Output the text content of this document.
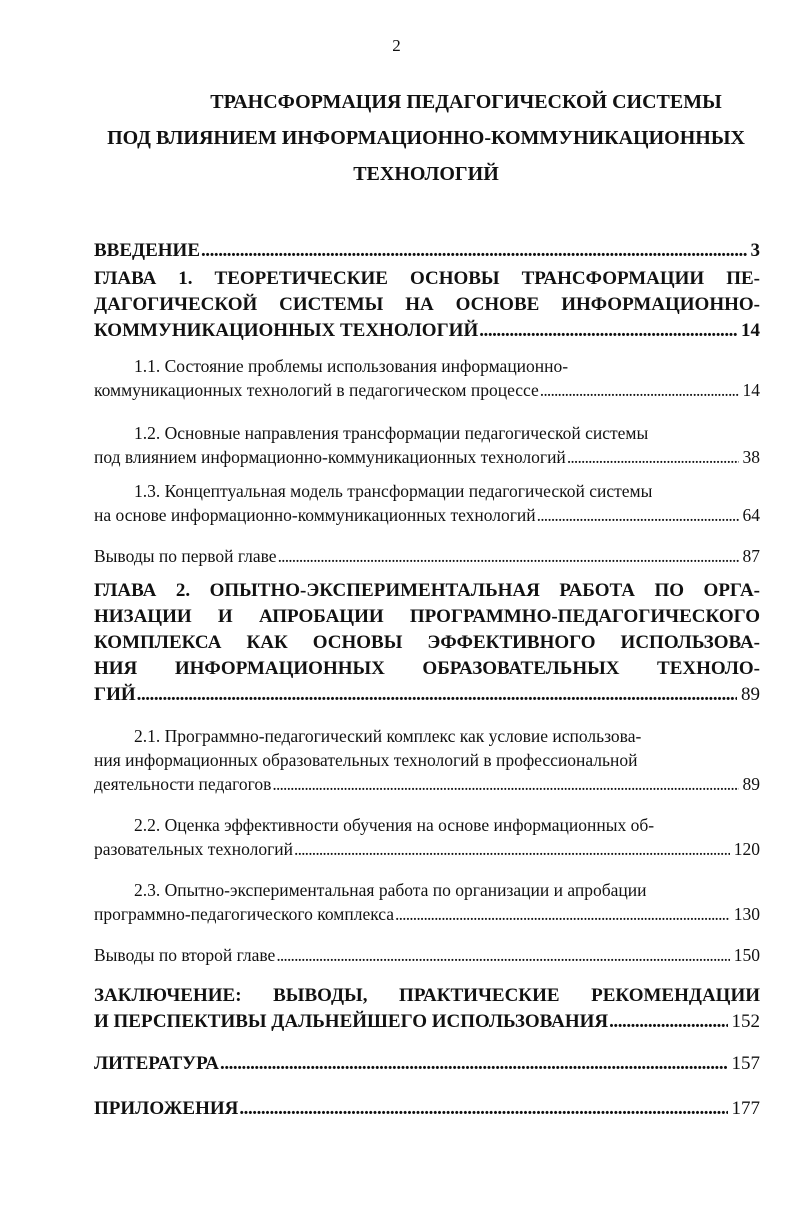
2
ТРАНСФОРМАЦИЯ ПЕДАГОГИЧЕСКОЙ СИСТЕМЫ
ПОД ВЛИЯНИЕМ ИНФОРМАЦИОННО-КОММУНИКАЦИОННЫХ
ТЕХНОЛОГИЙ
ВВЕДЕНИЕ . . .	3
ГЛАВА 1. ТЕОРЕТИЧЕСКИЕ ОСНОВЫ ТРАНСФОРМАЦИИ ПЕ-
ДАГОГИЧЕСКОЙ СИСТЕМЫ НА ОСНОВЕ ИНФОРМАЦИОННО-
КОММУНИКАЦИОННЫХ ТЕХНОЛОГИЙ . . .	14
1.1. Состояние проблемы использования информационно-
коммуникационных технологий в педагогическом процессе . . .	14
1.2. Основные направления трансформации педагогической системы
под влиянием информационно-коммуникационных технологий . . .	38
1.3. Концептуальная модель трансформации педагогической системы
на основе информационно-коммуникационных технологий . . .	64
Выводы по первой главе . . .	87
ГЛАВА 2. ОПЫТНО-ЭКСПЕРИМЕНТАЛЬНАЯ РАБОТА ПО ОРГА-
НИЗАЦИИ И АПРОБАЦИИ ПРОГРАММНО-ПЕДАГОГИЧЕСКОГО
КОМПЛЕКСА КАК ОСНОВЫ ЭФФЕКТИВНОГО ИСПОЛЬЗОВА-
НИЯ ИНФОРМАЦИОННЫХ ОБРАЗОВАТЕЛЬНЫХ ТЕХНОЛО-
ГИЙ . . .	89
2.1. Программно-педагогический комплекс как условие использова-
ния информационных образовательных технологий в профессиональной
деятельности педагогов . . .	89
2.2. Оценка эффективности обучения на основе информационных об-
разовательных технологий . . .	120
2.3. Опытно-экспериментальная работа по организации и апробации
программно-педагогического комплекса . . .	130
Выводы по второй главе . . .	150
ЗАКЛЮЧЕНИЕ: ВЫВОДЫ, ПРАКТИЧЕСКИЕ РЕКОМЕНДАЦИИ
И ПЕРСПЕКТИВЫ ДАЛЬНЕЙШЕГО ИСПОЛЬЗОВАНИЯ . . .	152
ЛИТЕРАТУРА . . .	157
ПРИЛОЖЕНИЯ . . .	177
